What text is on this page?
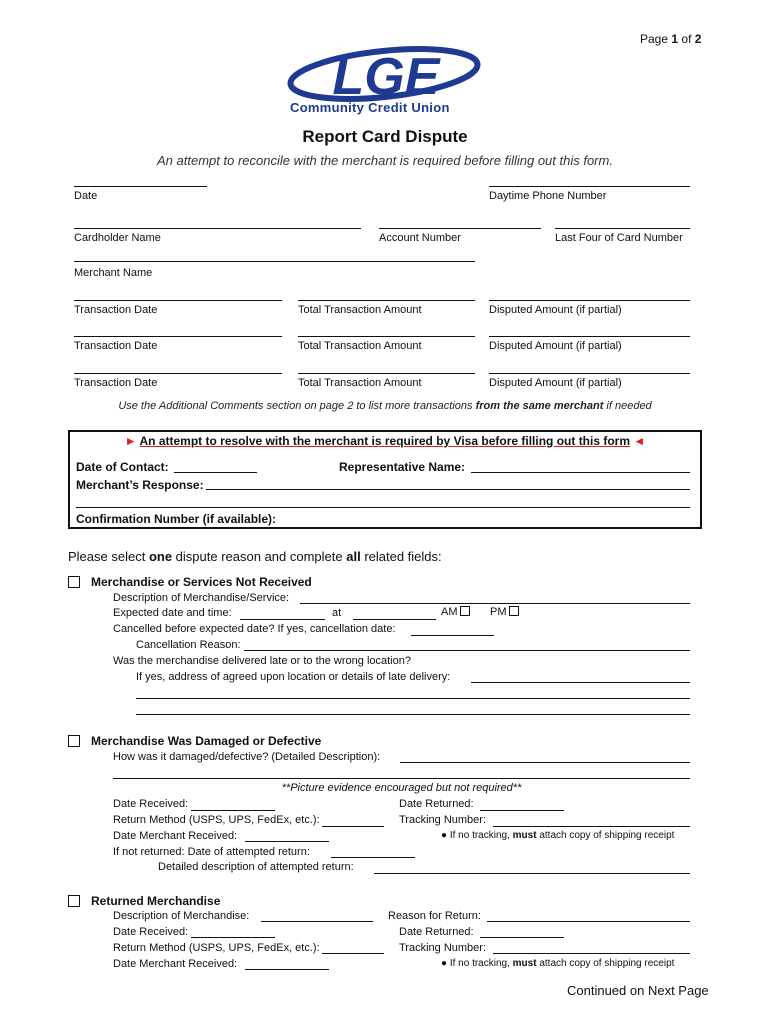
Page 1 of 2
LGE
Community Credit Union
Report Card Dispute
An attempt to reconcile with the merchant is required before filling out this form.
Date	Daytime Phone Number
Cardholder Name	Account Number	Last Four of Card Number
Merchant Name
Transaction Date	Total Transaction Amount	Disputed Amount (if partial)
Transaction Date	Total Transaction Amount	Disputed Amount (if partial)
Transaction Date	Total Transaction Amount	Disputed Amount (if partial)
Use the Additional Comments section on page 2 to list more transactions from the same merchant if needed
► An attempt to resolve with the merchant is required by Visa before filling out this form ◄
Date of Contact:	Representative Name:
Merchant’s Response:
Confirmation Number (if available):
Please select one dispute reason and complete all related fields:
Merchandise or Services Not Received
Description of Merchandise/Service:
Expected date and time:	at	AM	PM
Cancelled before expected date? If yes, cancellation date:
Cancellation Reason:
Was the merchandise delivered late or to the wrong location?
If yes, address of agreed upon location or details of late delivery:
Merchandise Was Damaged or Defective
How was it damaged/defective? (Detailed Description):
**Picture evidence encouraged but not required**
Date Received:	Date Returned:
Return Method (USPS, UPS, FedEx, etc.):	Tracking Number:
Date Merchant Received:	● If no tracking, must attach copy of shipping receipt
If not returned: Date of attempted return:
Detailed description of attempted return:
Returned Merchandise
Description of Merchandise:	Reason for Return:
Date Received:	Date Returned:
Return Method (USPS, UPS, FedEx, etc.):	Tracking Number:
Date Merchant Received:	● If no tracking, must attach copy of shipping receipt
Continued on Next Page
